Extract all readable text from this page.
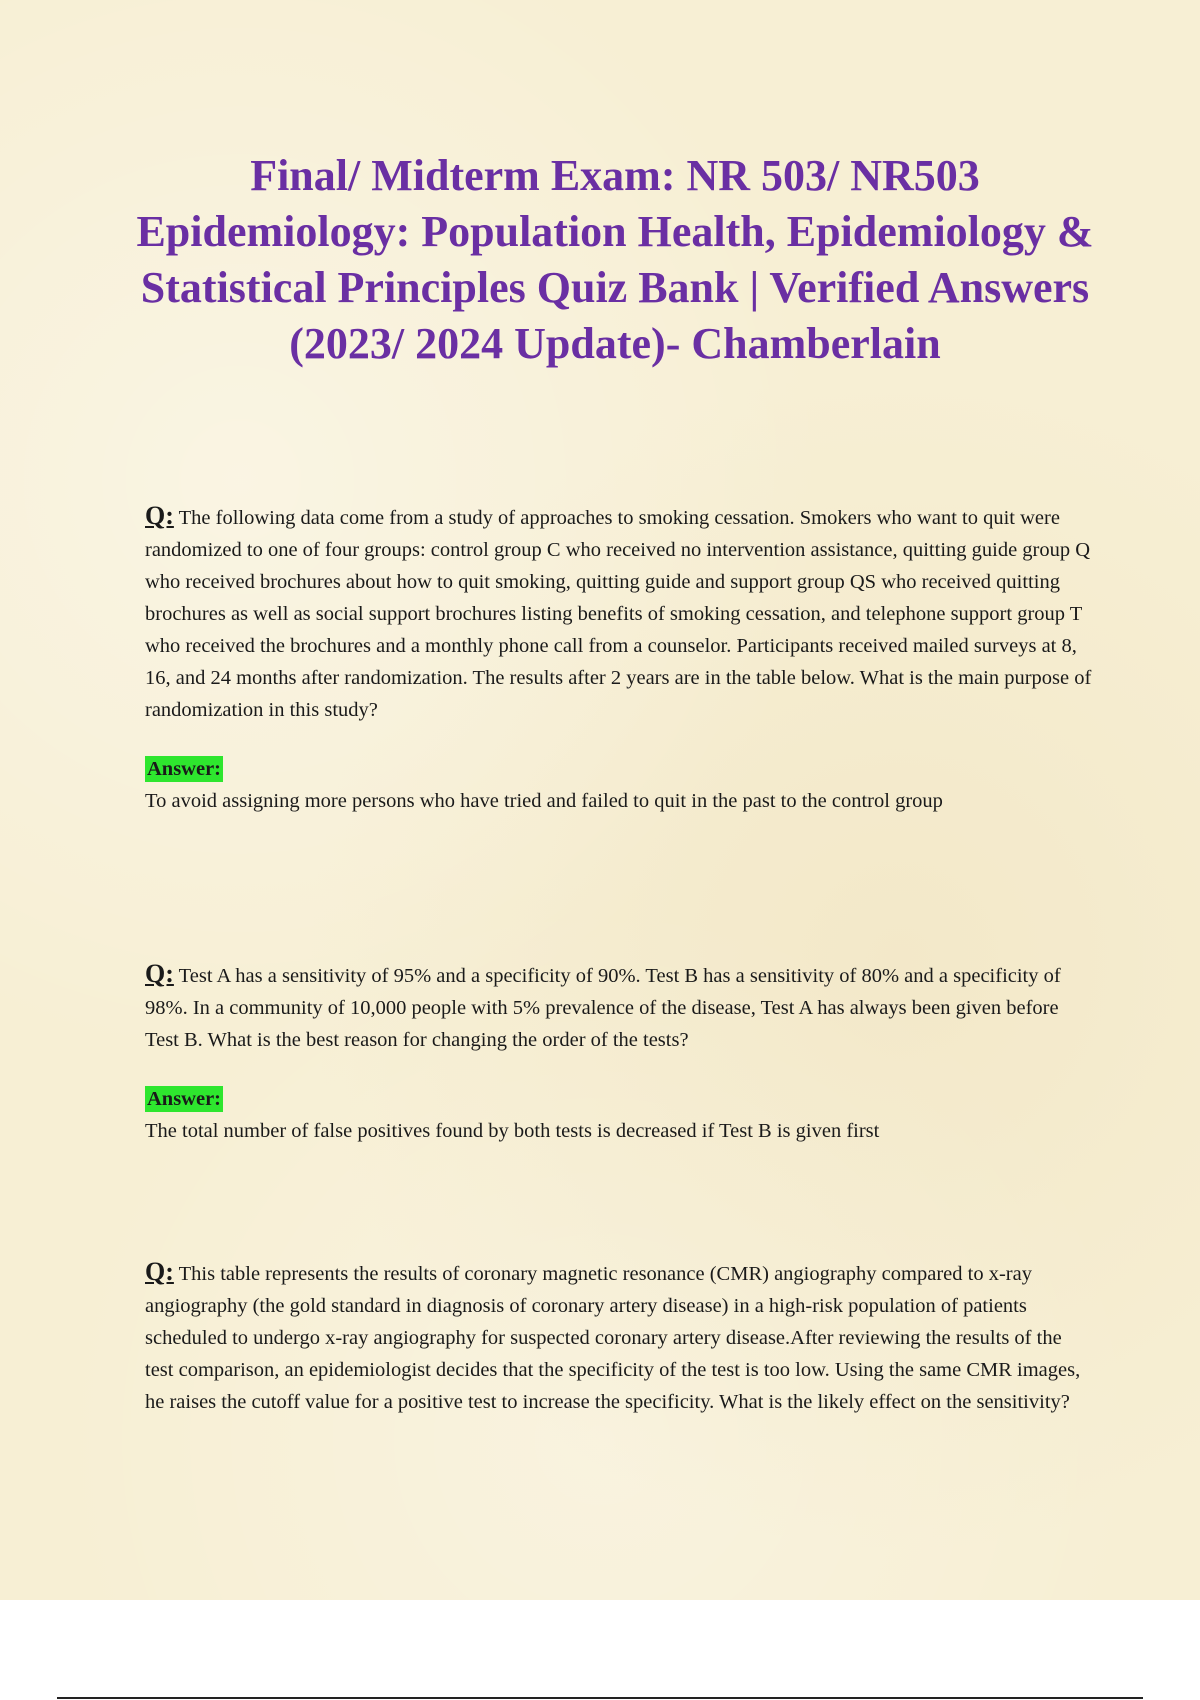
Final/ Midterm Exam: NR 503/ NR503 Epidemiology: Population Health, Epidemiology & Statistical Principles Quiz Bank | Verified Answers (2023/ 2024 Update)- Chamberlain

Q: The following data come from a study of approaches to smoking cessation. Smokers who want to quit were randomized to one of four groups: control group C who received no intervention assistance, quitting guide group Q who received brochures about how to quit smoking, quitting guide and support group QS who received quitting brochures as well as social support brochures listing benefits of smoking cessation, and telephone support group T who received the brochures and a monthly phone call from a counselor. Participants received mailed surveys at 8, 16, and 24 months after randomization. The results after 2 years are in the table below. What is the main purpose of randomization in this study?

Answer:

To avoid assigning more persons who have tried and failed to quit in the past to the control group

Q: Test A has a sensitivity of 95% and a specificity of 90%. Test B has a sensitivity of 80% and a specificity of 98%. In a community of 10,000 people with 5% prevalence of the disease, Test A has always been given before Test B. What is the best reason for changing the order of the tests?

Answer:

The total number of false positives found by both tests is decreased if Test B is given first

Q: This table represents the results of coronary magnetic resonance (CMR) angiography compared to x-ray angiography (the gold standard in diagnosis of coronary artery disease) in a high-risk population of patients scheduled to undergo x-ray angiography for suspected coronary artery disease.After reviewing the results of the test comparison, an epidemiologist decides that the specificity of the test is too low. Using the same CMR images, he raises the cutoff value for a positive test to increase the specificity. What is the likely effect on the sensitivity?
